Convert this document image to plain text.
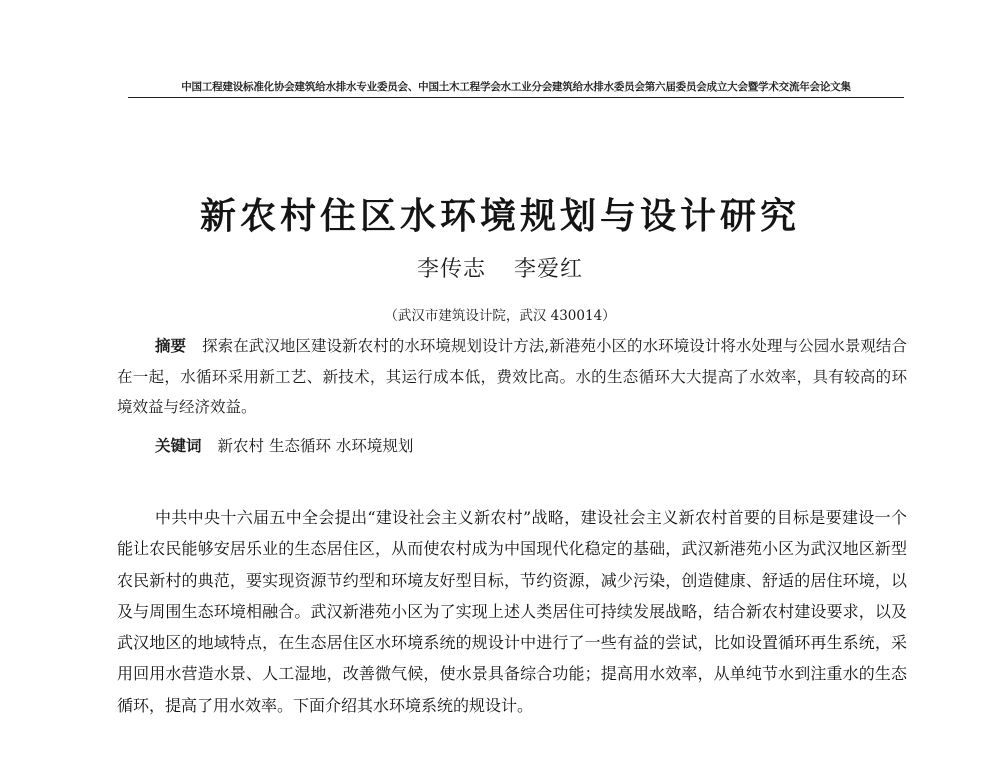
中国工程建设标准化协会建筑给水排水专业委员会、中国土木工程学会水工业分会建筑给水排水委员会第六届委员会成立大会暨学术交流年会论文集
新农村住区水环境规划与设计研究
李传志 李爱红
（武汉市建筑设计院，武汉 430014）

摘要 探索在武汉地区建设新农村的水环境规划设计方法,新港苑小区的水环境设计将水处理与公园水景观结合在一起，水循环采用新工艺、新技术，其运行成本低，费效比高。水的生态循环大大提高了水效率，具有较高的环境效益与经济效益。

关键词 新农村 生态循环 水环境规划

中共中央十六届五中全会提出“建设社会主义新农村”战略，建设社会主义新农村首要的目标是要建设一个能让农民能够安居乐业的生态居住区，从而使农村成为中国现代化稳定的基础，武汉新港苑小区为武汉地区新型农民新村的典范，要实现资源节约型和环境友好型目标，节约资源，减少污染，创造健康、舒适的居住环境，以及与周围生态环境相融合。武汉新港苑小区为了实现上述人类居住可持续发展战略，结合新农村建设要求，以及武汉地区的地域特点，在生态居住区水环境系统的规设计中进行了一些有益的尝试，比如设置循环再生系统，采用回用水营造水景、人工湿地，改善微气候，使水景具备综合功能；提高用水效率，从单纯节水到注重水的生态循环，提高了用水效率。下面介绍其水环境系统的规设计。
